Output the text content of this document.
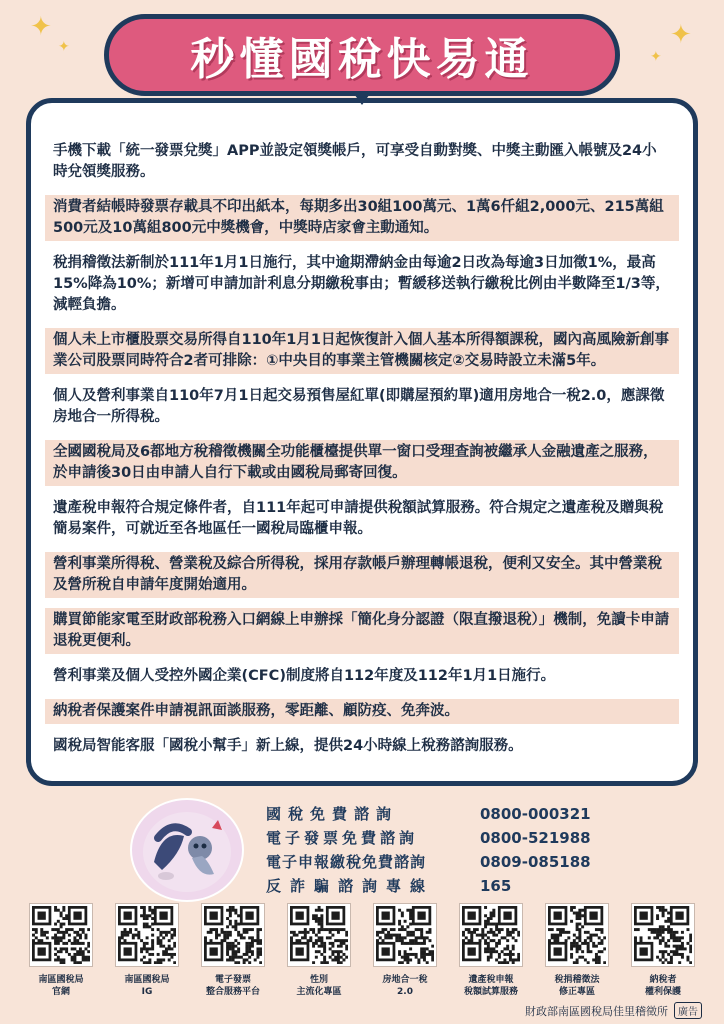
✦
✦	✦
✦
秒懂國稅快易通
手機下載「統一發票兌獎」APP並設定領獎帳戶，可享受自動對獎、中獎主動匯入帳號及24小時兌領獎服務。
消費者結帳時發票存載具不印出紙本，每期多出30組100萬元、1萬6仟組2,000元、215萬組500元及10萬組800元中獎機會，中獎時店家會主動通知。
稅捐稽徵法新制於111年1月1日施行，其中逾期滯納金由每逾2日改為每逾3日加徵1%，最高15%降為10%；新增可申請加計利息分期繳稅事由；暫緩移送執行繳稅比例由半數降至1/3等，減輕負擔。
個人未上市櫃股票交易所得自110年1月1日起恢復計入個人基本所得額課稅，國內高風險新創事業公司股票同時符合2者可排除：①中央目的事業主管機關核定②交易時設立未滿5年。
個人及營利事業自110年7月1日起交易預售屋紅單(即購屋預約單)適用房地合一稅2.0，應課徵房地合一所得稅。
全國國稅局及6都地方稅稽徵機關全功能櫃檯提供單一窗口受理查詢被繼承人金融遺產之服務，於申請後30日由申請人自行下載或由國稅局郵寄回復。
遺產稅申報符合規定條件者，自111年起可申請提供稅額試算服務。符合規定之遺產稅及贈與稅簡易案件，可就近至各地區任一國稅局臨櫃申報。
營利事業所得稅、營業稅及綜合所得稅，採用存款帳戶辦理轉帳退稅，便利又安全。其中營業稅及營所稅自申請年度開始適用。
購買節能家電至財政部稅務入口網線上申辦採「簡化身分認證（限直撥退稅）」機制，免讀卡申請退稅更便利。
營利事業及個人受控外國企業(CFC)制度將自112年度及112年1月1日施行。
納稅者保護案件申請視訊面談服務，零距離、顧防疫、免奔波。
國稅局智能客服「國稅小幫手」新上線，提供24小時線上稅務諮詢服務。
國稅免費諮詢	0800-000321
電子發票免費諮詢	0800-521988
電子申報繳稅免費諮詢	0809-085188
反詐騙諮詢專線	165
南區國稅局
官網
南區國稅局
IG
電子發票
整合服務平台
性別
主流化專區
房地合一稅
2.0
遺產稅申報
稅額試算服務
稅捐稽徵法
修正專區
納稅者
權利保護
財政部南區國稅局佳里稽徵所	廣告
